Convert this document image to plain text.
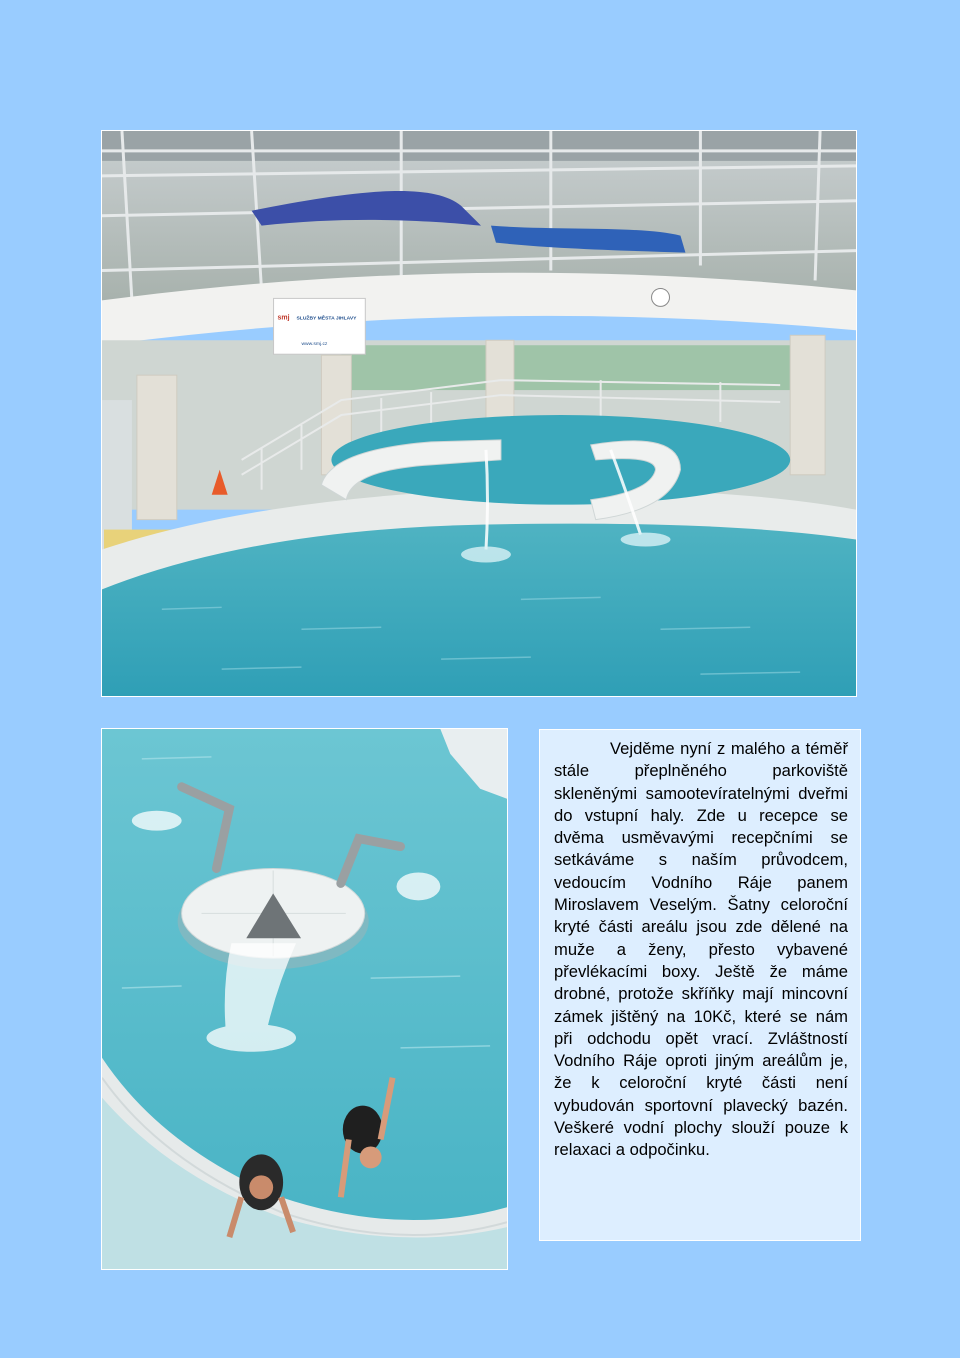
smj SLUŽBY MĚSTA JIHLAVY
www.smj.cz

Vejděme nyní z malého a téměř stále přeplněného parkoviště skleněnými samootevíratelnými dveřmi do vstupní haly. Zde u recepce se dvěma usměvavými recepčními se setkáváme s naším průvodcem, vedoucím Vodního Ráje panem Miroslavem Veselým. Šatny celoroční kryté části areálu jsou zde dělené na muže a ženy, přesto vybavené převlékacími boxy. Ještě že máme drobné, protože skříňky mají mincovní zámek jištěný na 10Kč, které se nám při odchodu opět vrací. Zvláštností Vodního Ráje oproti jiným areálům je, že k celoroční kryté části není vybudován sportovní plavecký bazén. Veškeré vodní plochy slouží pouze k relaxaci a odpočinku.
